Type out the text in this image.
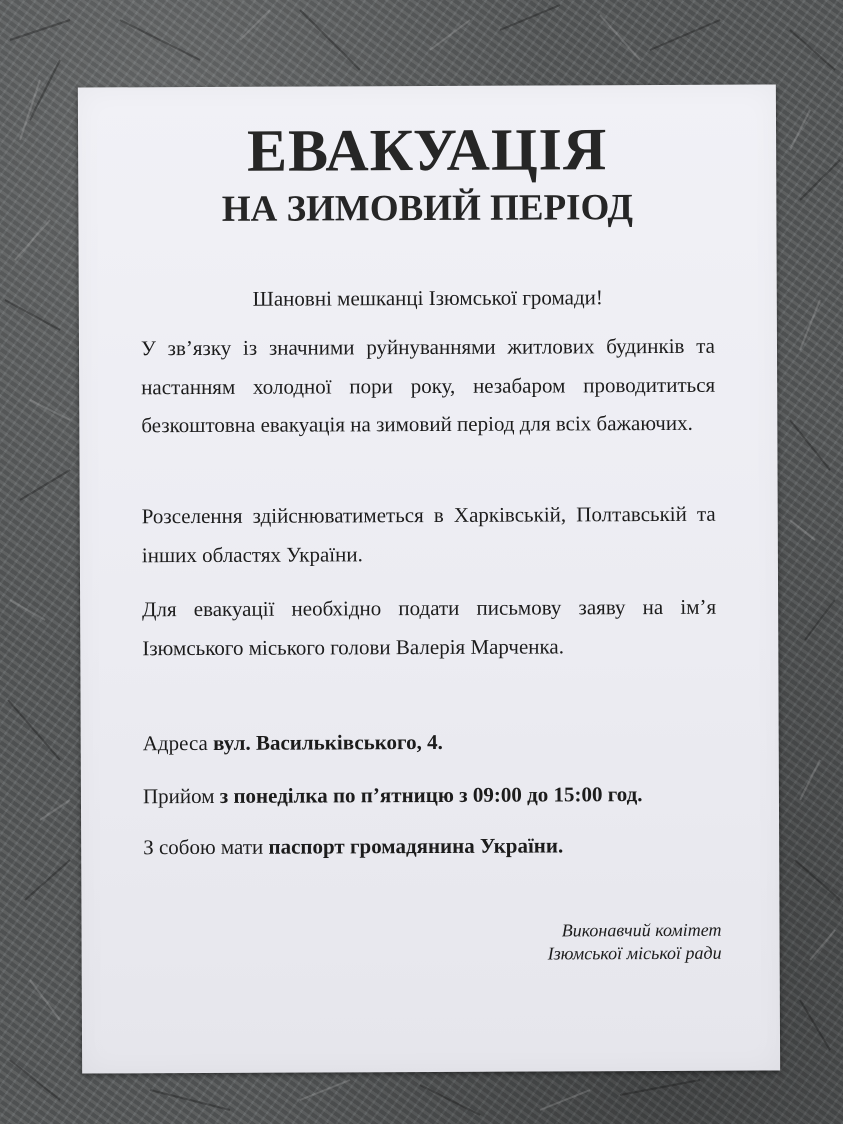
ЕВАКУАЦІЯ
НА ЗИМОВИЙ ПЕРІОД
Шановні мешканці Ізюмської громади!
У зв’язку із значними руйнуваннями житлових будинків та настанням холодної пори року, незабаром проводититься безкоштовна евакуація на зимовий період для всіх бажаючих.
Розселення здійснюватиметься в Харківській, Полтавській та інших областях України.
Для евакуації необхідно подати письмову заяву на ім’я Ізюмського міського голови Валерія Марченка.
Адреса вул. Васильківського, 4.
Прийом з понеділка по п’ятницю з 09:00 до 15:00 год.
З собою мати паспорт громадянина України.
Виконавчий комітет
Ізюмської міської ради
